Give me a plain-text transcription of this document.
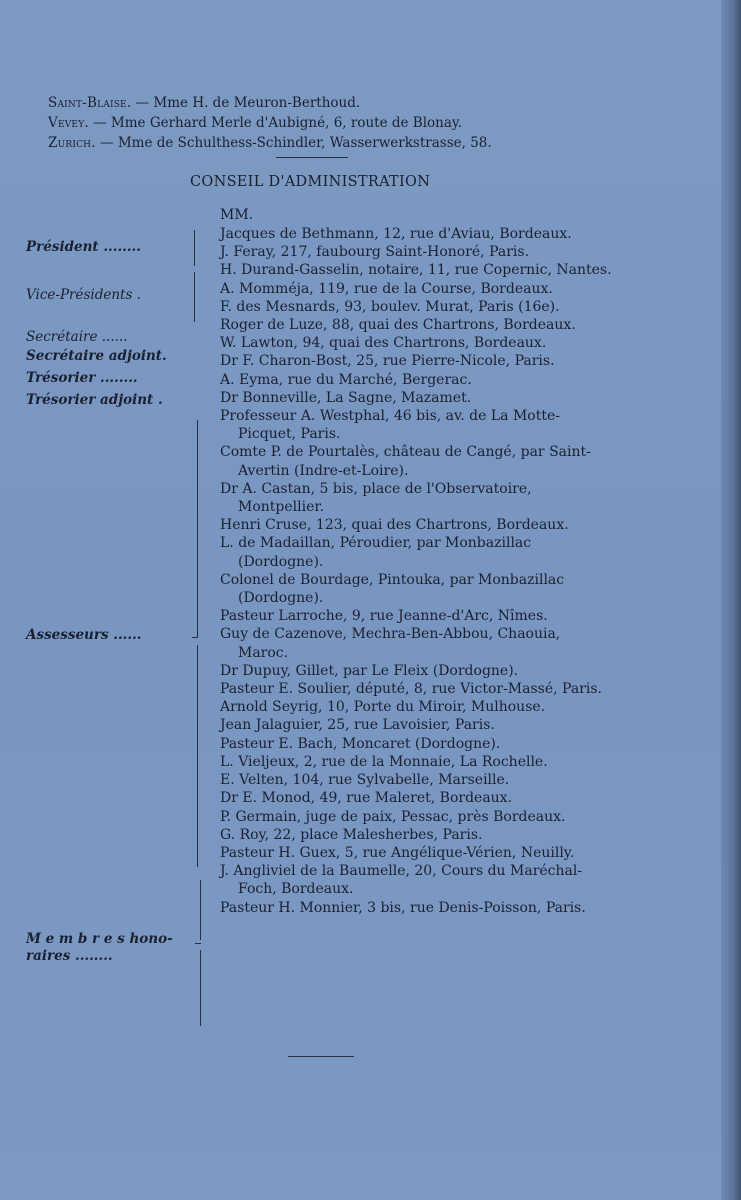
Saint-Blaise. — Mme H. de Meuron-Berthoud.
Vevey. — Mme Gerhard Merle d'Aubigné, 6, route de Blonay.
Zurich. — Mme de Schulthess-Schindler, Wasserwerkstrasse, 58.
CONSEIL D'ADMINISTRATION
MM.
Président ........
Vice-Présidents .
Secrétaire ......
Secrétaire adjoint.
Trésorier ........
Trésorier adjoint .
Assesseurs ......
M e m b r e s hono-
raires ........
Jacques de Bethmann, 12, rue d'Aviau, Bordeaux.
J. Feray, 217, faubourg Saint-Honoré, Paris.
H. Durand-Gasselin, notaire, 11, rue Copernic, Nantes.
A. Momméja, 119, rue de la Course, Bordeaux.
F. des Mesnards, 93, boulev. Murat, Paris (16e).
Roger de Luze, 88, quai des Chartrons, Bordeaux.
W. Lawton, 94, quai des Chartrons, Bordeaux.
Dr F. Charon-Bost, 25, rue Pierre-Nicole, Paris.
A. Eyma, rue du Marché, Bergerac.
Dr Bonneville, La Sagne, Mazamet.
Professeur A. Westphal, 46 bis, av. de La Motte-Picquet, Paris.
Comte P. de Pourtalès, château de Cangé, par Saint-Avertin (Indre-et-Loire).
Dr A. Castan, 5 bis, place de l'Observatoire, Montpellier.
Henri Cruse, 123, quai des Chartrons, Bordeaux.
L. de Madaillan, Péroudier, par Monbazillac (Dordogne).
Colonel de Bourdage, Pintouka, par Monbazillac (Dordogne).
Pasteur Larroche, 9, rue Jeanne-d'Arc, Nîmes.
Guy de Cazenove, Mechra-Ben-Abbou, Chaouia, Maroc.
Dr Dupuy, Gillet, par Le Fleix (Dordogne).
Pasteur E. Soulier, député, 8, rue Victor-Massé, Paris.
Arnold Seyrig, 10, Porte du Miroir, Mulhouse.
Jean Jalaguier, 25, rue Lavoisier, Paris.
Pasteur E. Bach, Moncaret (Dordogne).
L. Vieljeux, 2, rue de la Monnaie, La Rochelle.
E. Velten, 104, rue Sylvabelle, Marseille.
Dr E. Monod, 49, rue Maleret, Bordeaux.
P. Germain, juge de paix, Pessac, près Bordeaux.
G. Roy, 22, place Malesherbes, Paris.
Pasteur H. Guex, 5, rue Angélique-Vérien, Neuilly.
J. Angliviel de la Baumelle, 20, Cours du Maréchal-Foch, Bordeaux.
Pasteur H. Monnier, 3 bis, rue Denis-Poisson, Paris.
